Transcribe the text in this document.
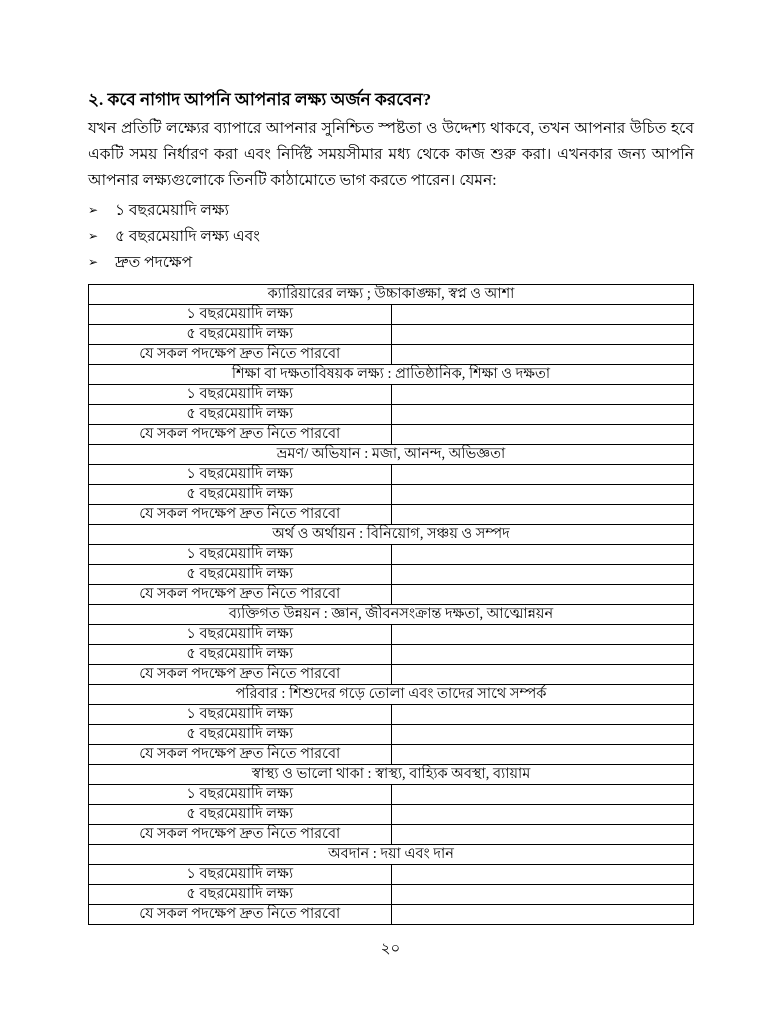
২. কবে নাগাদ আপনি আপনার লক্ষ্য অর্জন করবেন?

যখন প্রতিটি লক্ষ্যের ব্যাপারে আপনার সুনিশ্চিত স্পষ্টতা ও উদ্দেশ্য থাকবে, তখন আপনার উচিত হবে একটি সময় নির্ধারণ করা এবং নির্দিষ্ট সময়সীমার মধ্য থেকে কাজ শুরু করা। এখনকার জন্য আপনি আপনার লক্ষ্যগুলোকে তিনটি কাঠামোতে ভাগ করতে পারেন। যেমন:

➢ ১ বছরমেয়াদি লক্ষ্য
➢ ৫ বছরমেয়াদি লক্ষ্য এবং
➢ দ্রুত পদক্ষেপ
ক্যারিয়ারের লক্ষ্য ; উচ্চাকাঙ্ক্ষা, স্বপ্ন ও আশা	
১ বছরমেয়াদি লক্ষ্য	
৫ বছরমেয়াদি লক্ষ্য	
যে সকল পদক্ষেপ দ্রুত নিতে পারবো	
শিক্ষা বা দক্ষতাবিষয়ক লক্ষ্য : প্রাতিষ্ঠানিক, শিক্ষা ও দক্ষতা	
১ বছরমেয়াদি লক্ষ্য	
৫ বছরমেয়াদি লক্ষ্য	
যে সকল পদক্ষেপ দ্রুত নিতে পারবো	
ভ্রমণ/ অভিযান : মজা, আনন্দ, অভিজ্ঞতা	
১ বছরমেয়াদি লক্ষ্য	
৫ বছরমেয়াদি লক্ষ্য	
যে সকল পদক্ষেপ দ্রুত নিতে পারবো	
অর্থ ও অর্থায়ন : বিনিয়োগ, সঞ্চয় ও সম্পদ	
১ বছরমেয়াদি লক্ষ্য	
৫ বছরমেয়াদি লক্ষ্য	
যে সকল পদক্ষেপ দ্রুত নিতে পারবো	
ব্যক্তিগত উন্নয়ন : জ্ঞান, জীবনসংক্রান্ত দক্ষতা, আত্মোন্নয়ন	
১ বছরমেয়াদি লক্ষ্য	
৫ বছরমেয়াদি লক্ষ্য	
যে সকল পদক্ষেপ দ্রুত নিতে পারবো	
পরিবার : শিশুদের গড়ে তোলা এবং তাদের সাথে সম্পর্ক	
১ বছরমেয়াদি লক্ষ্য	
৫ বছরমেয়াদি লক্ষ্য	
যে সকল পদক্ষেপ দ্রুত নিতে পারবো	
স্বাস্থ্য ও ভালো থাকা : স্বাস্থ্য, বাহ্যিক অবস্থা, ব্যায়াম	
১ বছরমেয়াদি লক্ষ্য	
৫ বছরমেয়াদি লক্ষ্য	
যে সকল পদক্ষেপ দ্রুত নিতে পারবো	
অবদান : দয়া এবং দান	
১ বছরমেয়াদি লক্ষ্য	
৫ বছরমেয়াদি লক্ষ্য	
যে সকল পদক্ষেপ দ্রুত নিতে পারবো	
২০
